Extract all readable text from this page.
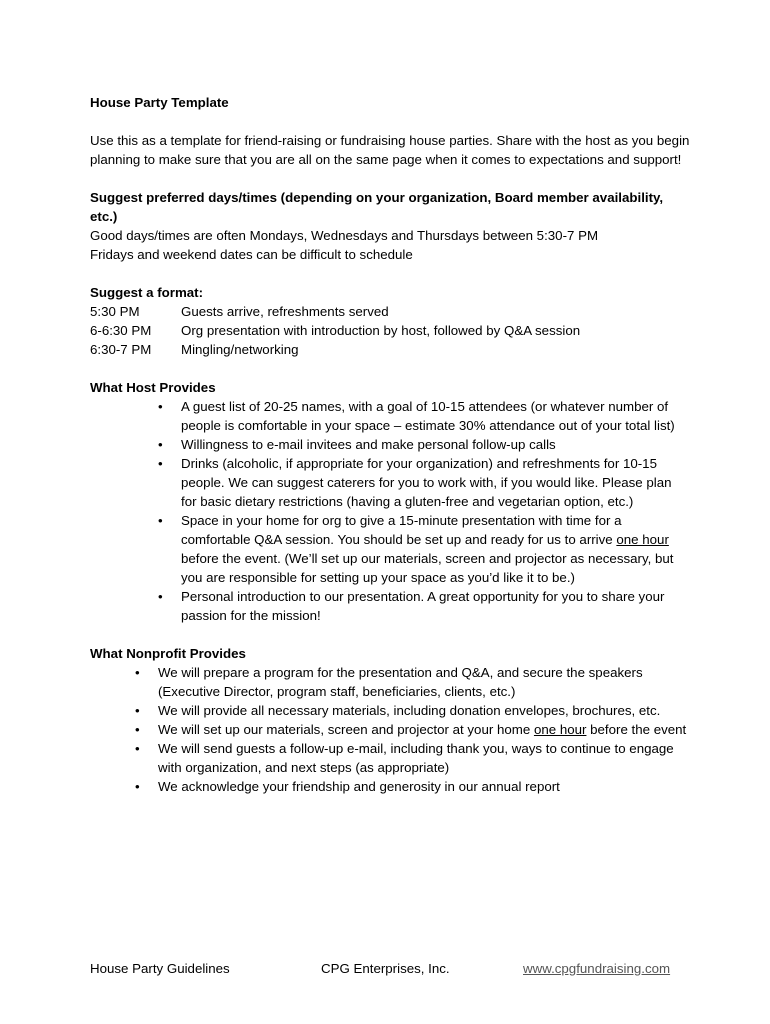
House Party Template

Use this as a template for friend-raising or fundraising house parties. Share with the host as you begin planning to make sure that you are all on the same page when it comes to expectations and support!

Suggest preferred days/times (depending on your organization, Board member availability, etc.)

Good days/times are often Mondays, Wednesdays and Thursdays between 5:30-7 PM

Fridays and weekend dates can be difficult to schedule

Suggest a format:

5:30 PM	Guests arrive, refreshments served
6-6:30 PM	Org presentation with introduction by host, followed by Q&A session
6:30-7 PM	Mingling/networking

What Host Provides

• A guest list of 20-25 names, with a goal of 10-15 attendees (or whatever number of people is comfortable in your space – estimate 30% attendance out of your total list)
• Willingness to e-mail invitees and make personal follow-up calls
• Drinks (alcoholic, if appropriate for your organization) and refreshments for 10-15 people. We can suggest caterers for you to work with, if you would like. Please plan for basic dietary restrictions (having a gluten-free and vegetarian option, etc.)
• Space in your home for org to give a 15-minute presentation with time for a comfortable Q&A session. You should be set up and ready for us to arrive one hour before the event. (We’ll set up our materials, screen and projector as necessary, but you are responsible for setting up your space as you’d like it to be.)
• Personal introduction to our presentation. A great opportunity for you to share your passion for the mission!

What Nonprofit Provides

• We will prepare a program for the presentation and Q&A, and secure the speakers (Executive Director, program staff, beneficiaries, clients, etc.)
• We will provide all necessary materials, including donation envelopes, brochures, etc.
• We will set up our materials, screen and projector at your home one hour before the event
• We will send guests a follow-up e-mail, including thank you, ways to continue to engage with organization, and next steps (as appropriate)
• We acknowledge your friendship and generosity in our annual report
House Party Guidelines	CPG Enterprises, Inc.	www.cpgfundraising.com
